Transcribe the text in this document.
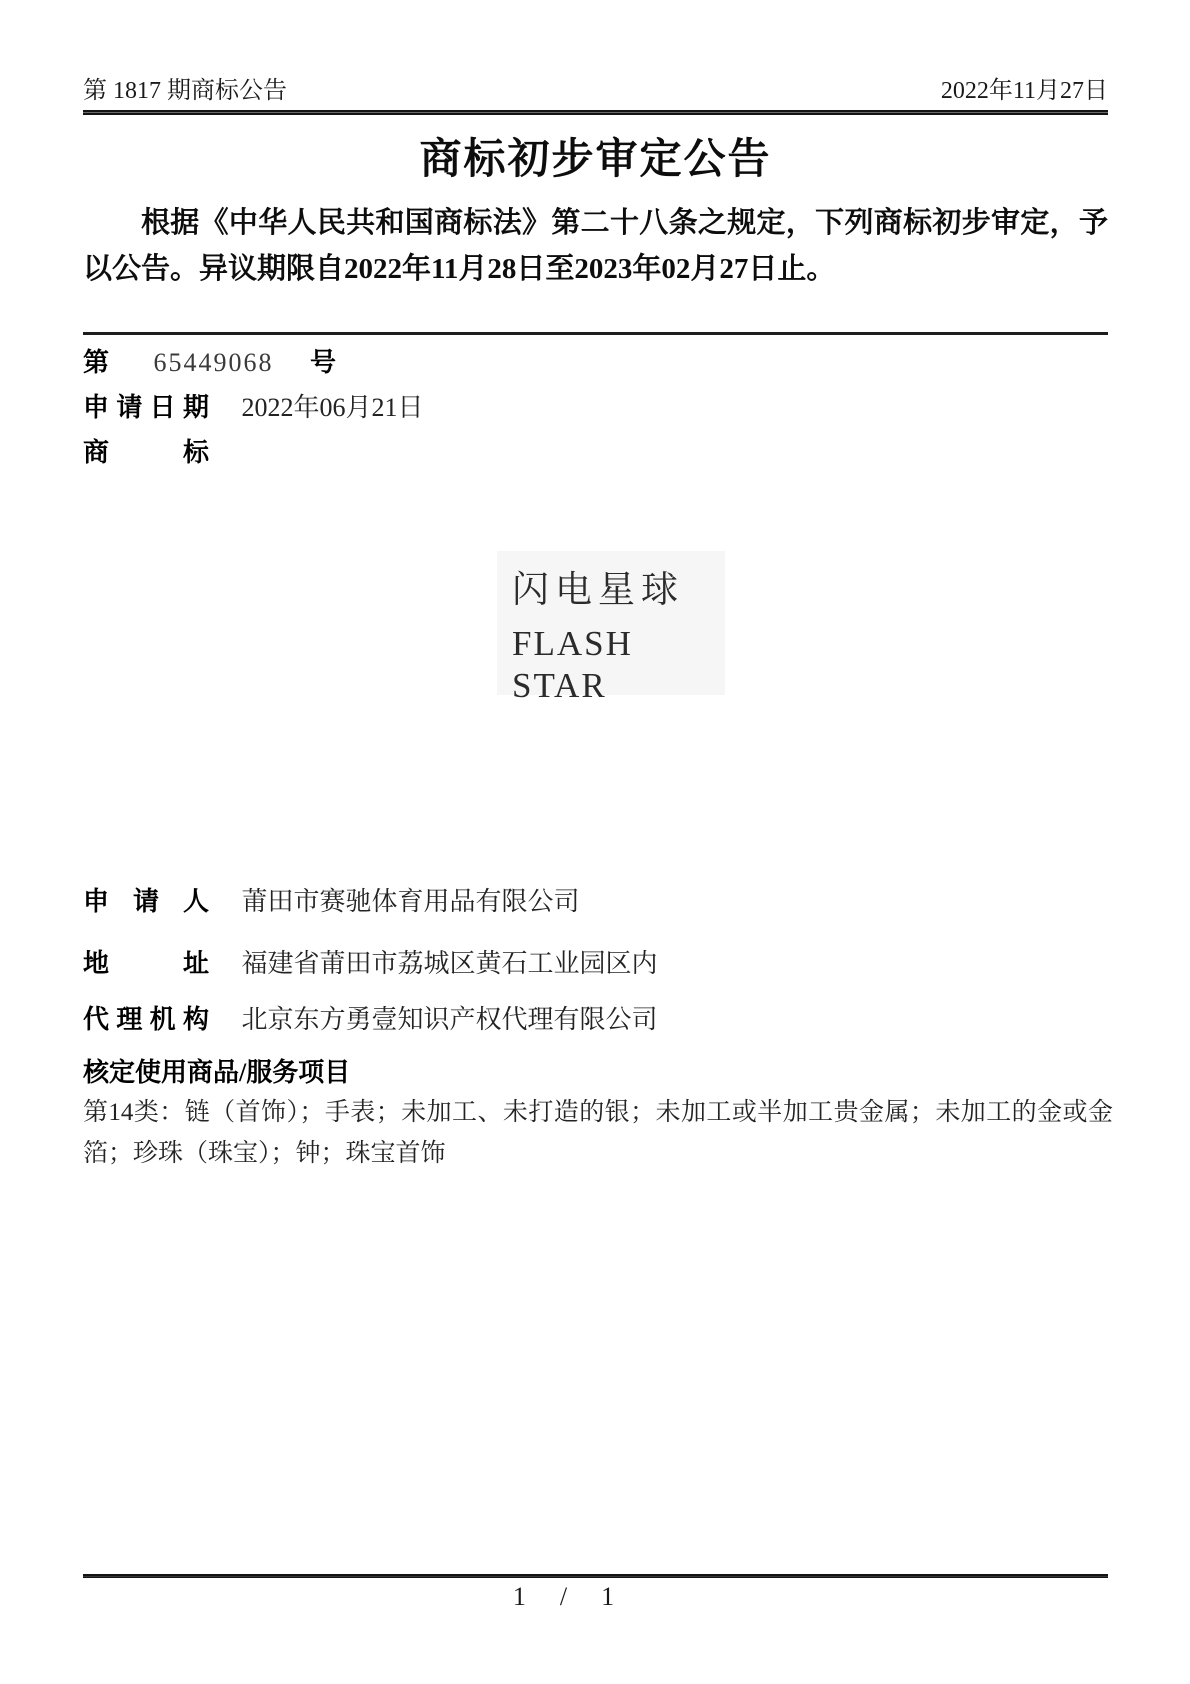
第 1817 期商标公告	2022年11月27日
商标初步审定公告
根据《中华人民共和国商标法》第二十八条之规定，下列商标初步审定，予以公告。异议期限自2022年11月28日至2023年02月27日止。
第 65449068 号
申请日期 2022年06月21日
商标
闪电星球
FLASH STAR
申请人 莆田市赛驰体育用品有限公司
地址 福建省莆田市荔城区黄石工业园区内
代理机构 北京东方勇壹知识产权代理有限公司
核定使用商品/服务项目
第14类：链（首饰）；手表；未加工、未打造的银；未加工或半加工贵金属；未加工的金或金箔；珍珠（珠宝）；钟；珠宝首饰
1 / 1
